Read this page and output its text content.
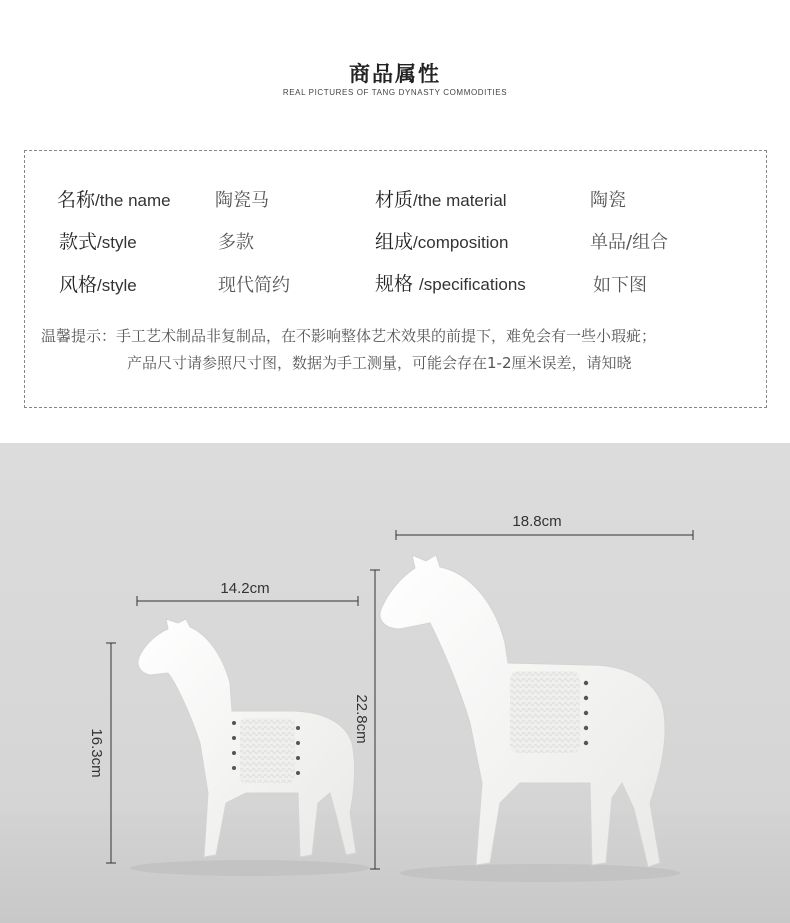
商品属性
REAL PICTURES OF TANG DYNASTY COMMODITIES
名称/the name 陶瓷马	材质/the material	陶瓷
款式/style	多款	组成/composition	单品/组合
风格/style	现代简约	规格 /specifications	如下图
温馨提示：手工艺术制品非复制品，在不影响整体艺术效果的前提下，难免会有一些小瑕疵；
产品尺寸请参照尺寸图，数据为手工测量，可能会存在1-2厘米误差，请知晓
14.2cm
18.8cm
16.3cm
22.8cm
